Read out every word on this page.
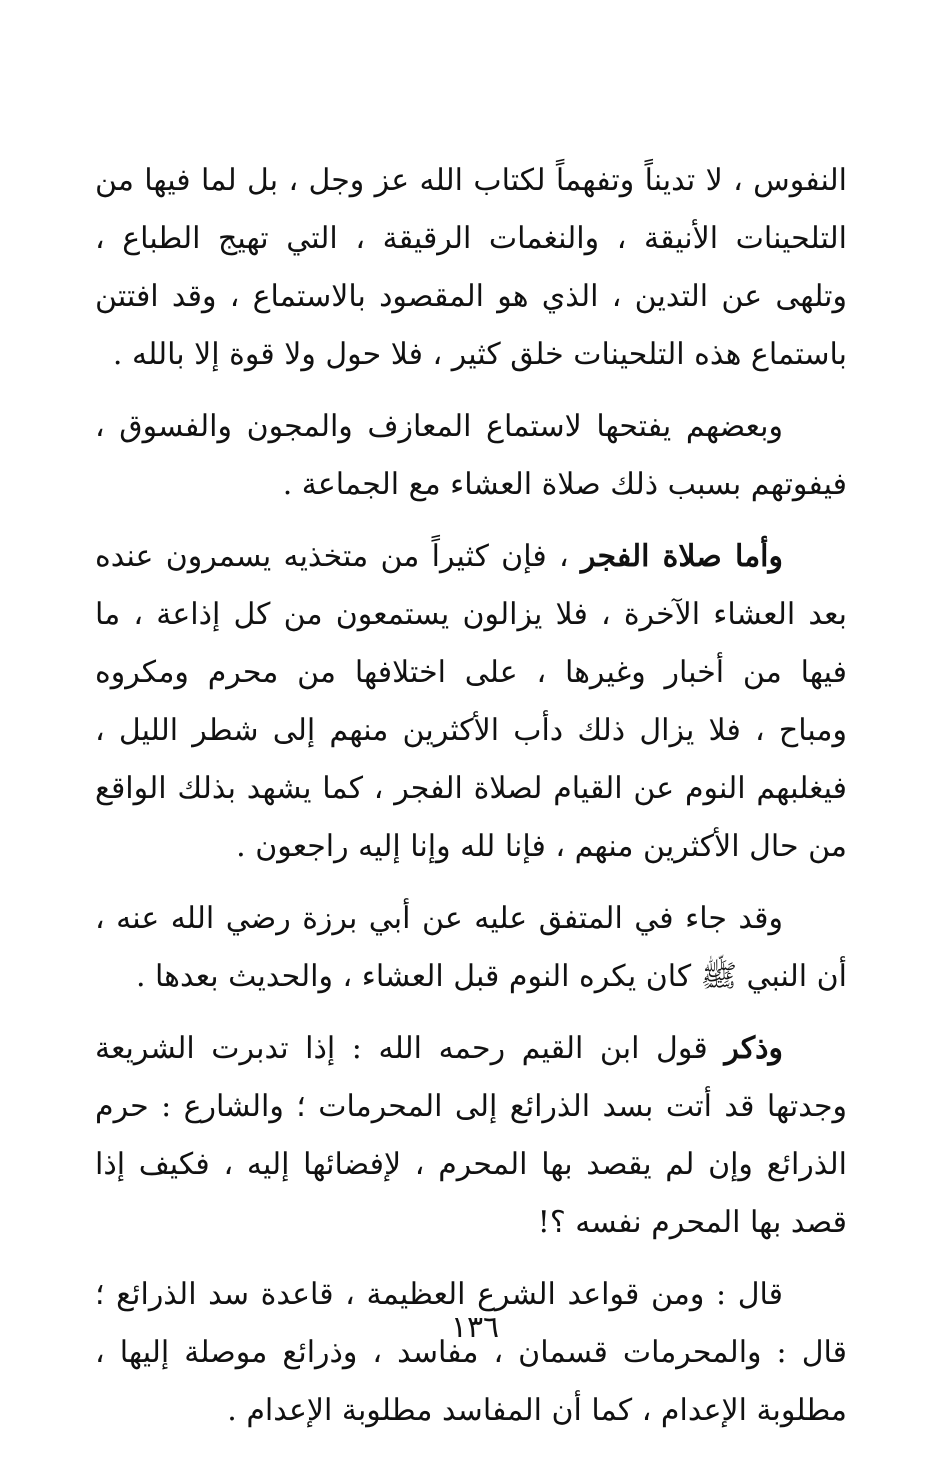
النفوس ، لا تديناً وتفهماً لكتاب الله عز وجل ، بل لما فيها من
التلحينات الأنيقة ، والنغمات الرقيقة ، التي تهيج الطباع ،
وتلهى عن التدين ، الذي هو المقصود بالاستماع ، وقد افتتن
باستماع هذه التلحينات خلق كثير ، فلا حول ولا قوة إلا بالله .
وبعضهم يفتحها لاستماع المعازف والمجون والفسوق ،
فيفوتهم بسبب ذلك صلاة العشاء مع الجماعة .
وأما صلاة الفجر ، فإن كثيراً من متخذيه يسمرون عنده
بعد العشاء الآخرة ، فلا يزالون يستمعون من كل إذاعة ، ما
فيها من أخبار وغيرها ، على اختلافها من محرم ومكروه
ومباح ، فلا يزال ذلك دأب الأكثرين منهم إلى شطر الليل ،
فيغلبهم النوم عن القيام لصلاة الفجر ، كما يشهد بذلك الواقع
من حال الأكثرين منهم ، فإنا لله وإنا إليه راجعون .
وقد جاء في المتفق عليه عن أبي برزة رضي الله عنه ،
أن النبي ﷺ كان يكره النوم قبل العشاء ، والحديث بعدها .
وذكر قول ابن القيم رحمه الله : إذا تدبرت الشريعة
وجدتها قد أتت بسد الذرائع إلى المحرمات ؛ والشارع : حرم
الذرائع وإن لم يقصد بها المحرم ، لإفضائها إليه ، فكيف إذا
قصد بها المحرم نفسه ؟!
قال : ومن قواعد الشرع العظيمة ، قاعدة سد الذرائع ؛
قال : والمحرمات قسمان ، مفاسد ، وذرائع موصلة إليها ،
مطلوبة الإعدام ، كما أن المفاسد مطلوبة الإعدام .
١٣٦
